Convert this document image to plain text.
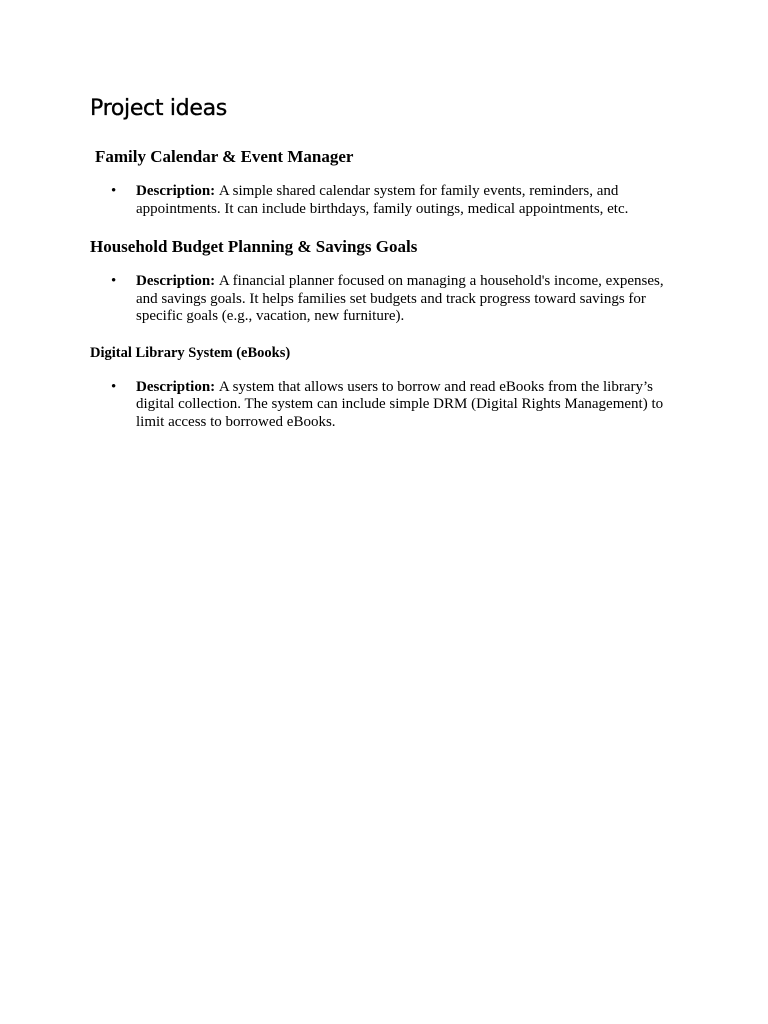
Project ideas
Family Calendar & Event Manager
• Description: A simple shared calendar system for family events, reminders, and appointments. It can include birthdays, family outings, medical appointments, etc.
Household Budget Planning & Savings Goals
• Description: A financial planner focused on managing a household's income, expenses, and savings goals. It helps families set budgets and track progress toward savings for specific goals (e.g., vacation, new furniture).
Digital Library System (eBooks)
• Description: A system that allows users to borrow and read eBooks from the library’s digital collection. The system can include simple DRM (Digital Rights Management) to limit access to borrowed eBooks.
